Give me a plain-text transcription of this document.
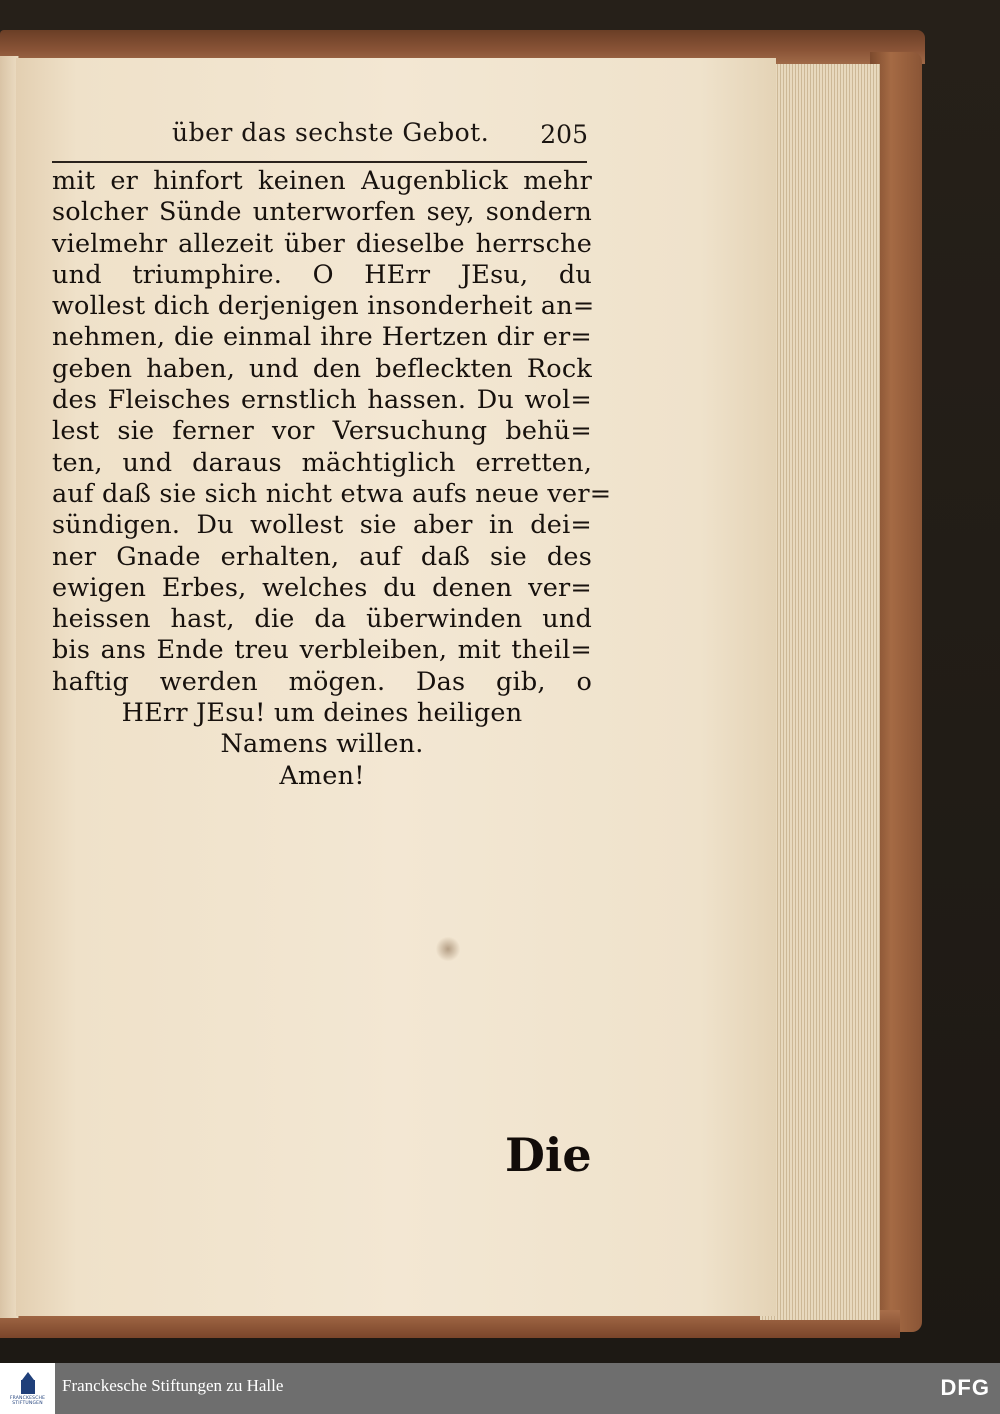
über das sechste Gebot. 205
mit er hinfort keinen Augenblick mehr
solcher Sünde unterworfen sey, sondern
vielmehr allezeit über dieselbe herrsche
und triumphire. O HErr JEsu, du
wollest dich derjenigen insonderheit an=
nehmen, die einmal ihre Hertzen dir er=
geben haben, und den befleckten Rock
des Fleisches ernstlich hassen. Du wol=
lest sie ferner vor Versuchung behü=
ten, und daraus mächtiglich erretten,
auf daß sie sich nicht etwa aufs neue ver=
sündigen. Du wollest sie aber in dei=
ner Gnade erhalten, auf daß sie des
ewigen Erbes, welches du denen ver=
heissen hast, die da überwinden und
bis ans Ende treu verbleiben, mit theil=
haftig werden mögen. Das gib, o
HErr JEsu! um deines heiligen
Namens willen.
Amen!
Die
FRANCKESCHE
STIFTUNGEN
Franckesche Stiftungen zu Halle	DFG
